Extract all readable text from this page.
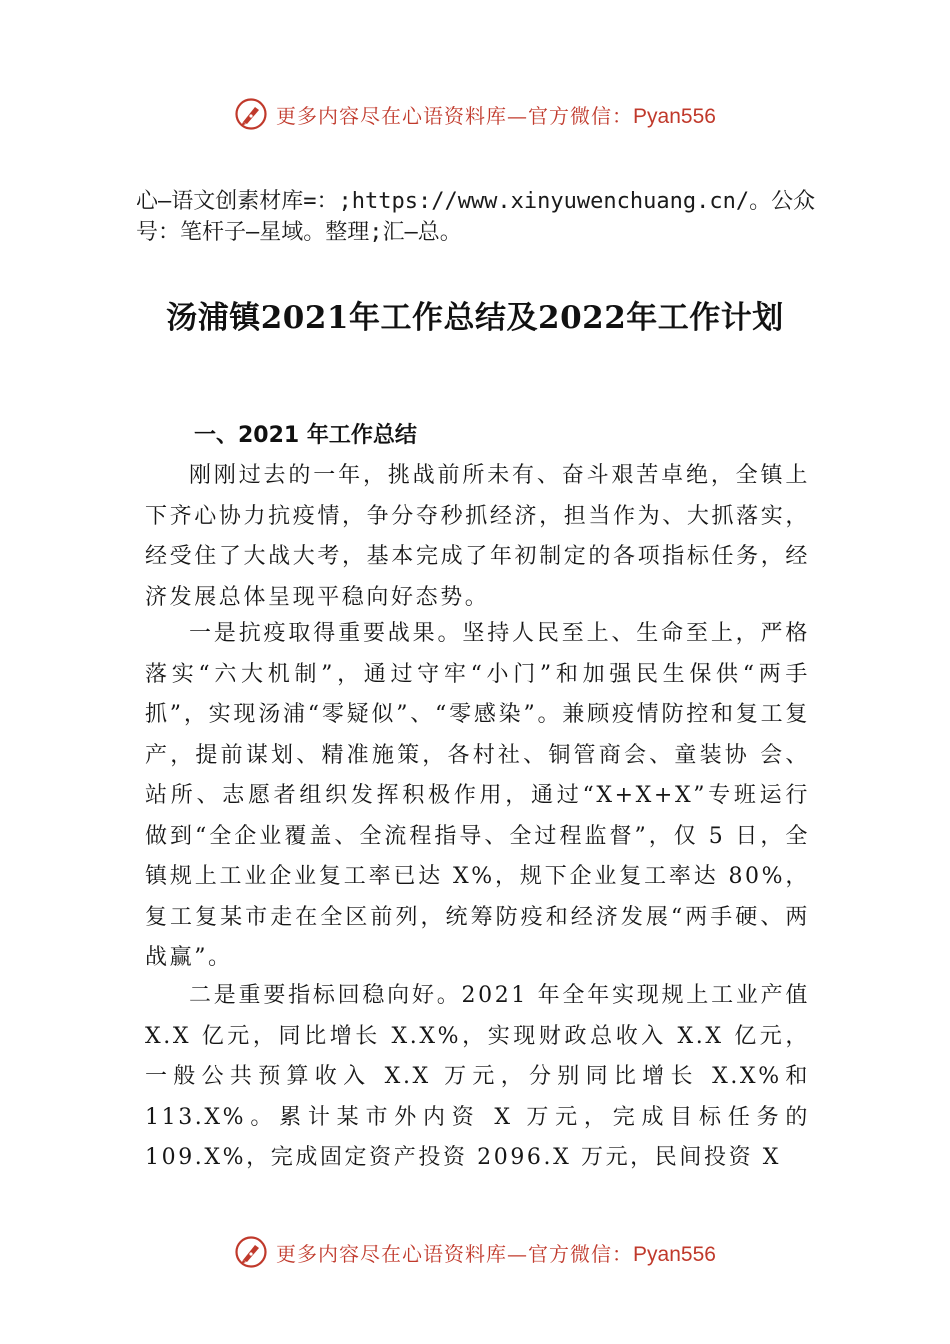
更多内容尽在心语资料库—官方微信：Pyan556

心—语文创素材库=：;https://www.xinyuwenchuang.cn/。公众号：笔杆子—星域。整理;汇—总。

汤浦镇2021年工作总结及2022年工作计划
一、2021 年工作总结

刚刚过去的一年，挑战前所未有、奋斗艰苦卓绝，全镇上下齐心协力抗疫情，争分夺秒抓经济，担当作为、大抓落实，经受住了大战大考，基本完成了年初制定的各项指标任务，经济发展总体呈现平稳向好态势。

一是抗疫取得重要战果。坚持人民至上、生命至上，严格落实“六大机制”，通过守牢“小门”和加强民生保供“两手抓”，实现汤浦“零疑似”、“零感染”。兼顾疫情防控和复工复产，提前谋划、精准施策，各村社、铜管商会、童装协 会、站所、志愿者组织发挥积极作用，通过“X+X+X”专班运行做到“全企业覆盖、全流程指导、全过程监督”，仅 5 日，全镇规上工业企业复工率已达 X%，规下企业复工率达 80%，复工复某市走在全区前列，统筹防疫和经济发展“两手硬、两战赢”。

二是重要指标回稳向好。2021 年全年实现规上工业产值 X.X 亿元，同比增长 X.X%，实现财政总收入 X.X 亿元，一般公共预算收入 X.X 万元，分别同比增长 X.X%和 113.X%。累计某市外内资 X 万元，完成目标任务的 109.X%，完成固定资产投资 2096.X 万元，民间投资 X

更多内容尽在心语资料库—官方微信：Pyan556
